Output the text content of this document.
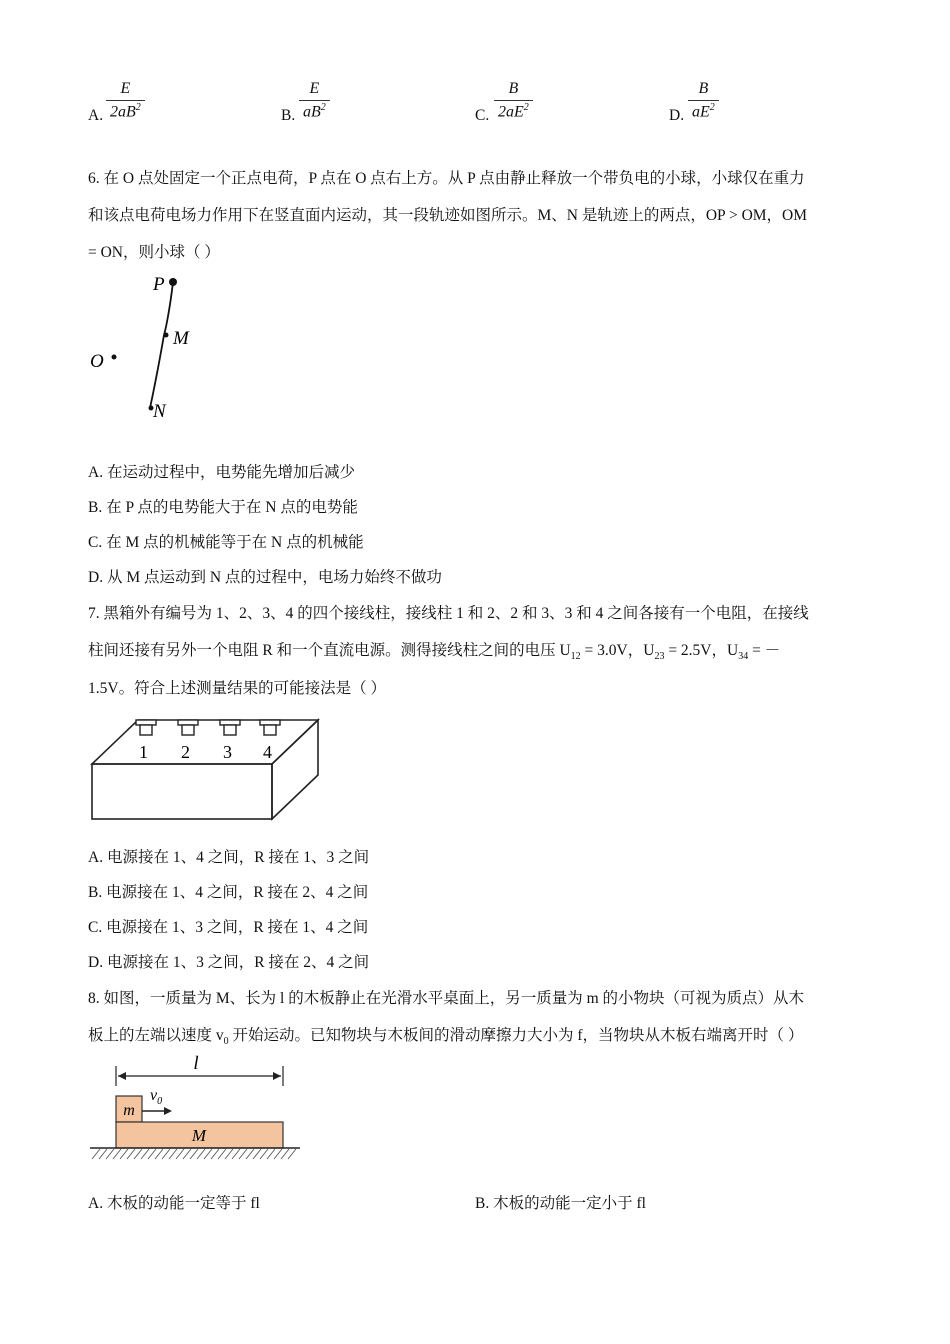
A.
E
$2aB^2$	B.
E
$aB^2$	C.
B
$2aE^2$	D.
B
$aE^2$
6. 在 O 点处固定一个正点电荷，P 点在 O 点右上方。从 P 点由静止释放一个带负电的小球，小球仅在重力
和该点电荷电场力作用下在竖直面内运动，其一段轨迹如图所示。M、N 是轨迹上的两点，OP > OM，OM
= ON，则小球（ ）
P
M
O
N
A. 在运动过程中，电势能先增加后减少
B. 在 P 点的电势能大于在 N 点的电势能
C. 在 M 点的机械能等于在 N 点的机械能
D. 从 M 点运动到 N 点的过程中，电场力始终不做功
7. 黑箱外有编号为 1、2、3、4 的四个接线柱，接线柱 1 和 2、2 和 3、3 和 4 之间各接有一个电阻，在接线
柱间还接有另外一个电阻 R 和一个直流电源。测得接线柱之间的电压 $U_{12} = 3.0V$，$U_{23} = 2.5V$，$U_{34}$ = －
1.5V。符合上述测量结果的可能接法是（ ）
1 2 3 4
A. 电源接在 1、4 之间，R 接在 1、3 之间
B. 电源接在 1、4 之间，R 接在 2、4 之间
C. 电源接在 1、3 之间，R 接在 1、4 之间
D. 电源接在 1、3 之间，R 接在 2、4 之间
8. 如图，一质量为 M、长为 l 的木板静止在光滑水平桌面上，另一质量为 m 的小物块（可视为质点）从木
板上的左端以速度 $v_0$ 开始运动。已知物块与木板间的滑动摩擦力大小为 f，当物块从木板右端离开时（ ）
l
m
$v_0$
M
A. 木板的动能一定等于 fl	B. 木板的动能一定小于 fl
